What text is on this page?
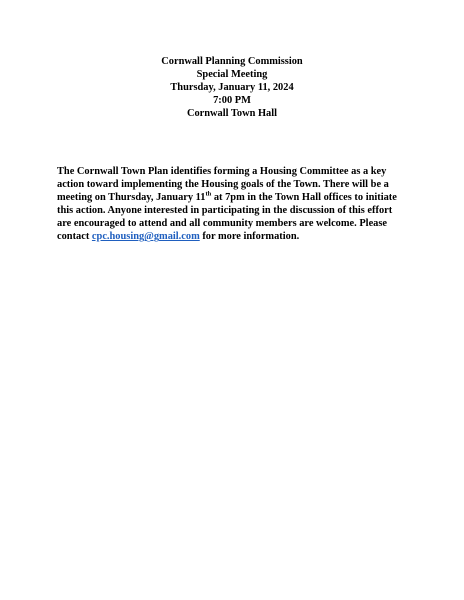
Cornwall Planning Commission
Special Meeting
Thursday, January 11, 2024
7:00 PM
Cornwall Town Hall

The Cornwall Town Plan identifies forming a Housing Committee as a key action toward implementing the Housing goals of the Town. There will be a meeting on Thursday, January 11th at 7pm in the Town Hall offices to initiate this action. Anyone interested in participating in the discussion of this effort are encouraged to attend and all community members are welcome. Please contact cpc.housing@gmail.com for more information.
